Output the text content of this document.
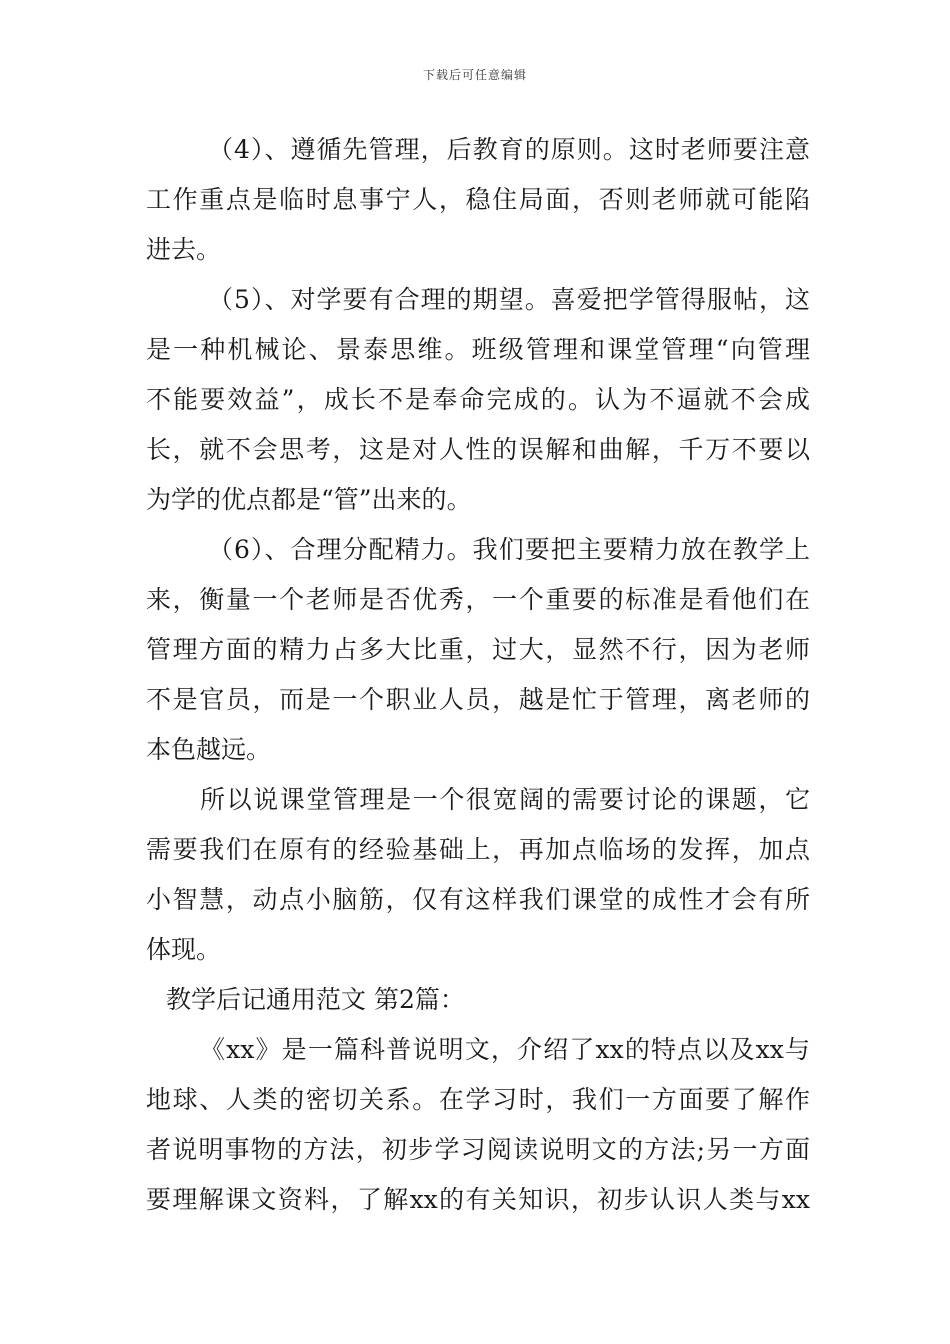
下载后可任意编辑
（4）、遵循先管理，后教育的原则。这时老师要注意
工作重点是临时息事宁人，稳住局面，否则老师就可能陷
进去。
（5）、对学要有合理的期望。喜爱把学管得服帖，这
是一种机械论、景泰思维。班级管理和课堂管理“向管理
不能要效益”，成长不是奉命完成的。认为不逼就不会成
长，就不会思考，这是对人性的误解和曲解，千万不要以
为学的优点都是“管”出来的。
（6）、合理分配精力。我们要把主要精力放在教学上
来，衡量一个老师是否优秀，一个重要的标准是看他们在
管理方面的精力占多大比重，过大，显然不行，因为老师
不是官员，而是一个职业人员，越是忙于管理，离老师的
本色越远。
所以说课堂管理是一个很宽阔的需要讨论的课题，它
需要我们在原有的经验基础上，再加点临场的发挥，加点
小智慧，动点小脑筋，仅有这样我们课堂的成性才会有所
体现。
教学后记通用范文 第2篇：
《xx》是一篇科普说明文，介绍了xx的特点以及xx与
地球、人类的密切关系。在学习时，我们一方面要了解作
者说明事物的方法，初步学习阅读说明文的方法;另一方面
要理解课文资料，了解xx的有关知识，初步认识人类与xx
